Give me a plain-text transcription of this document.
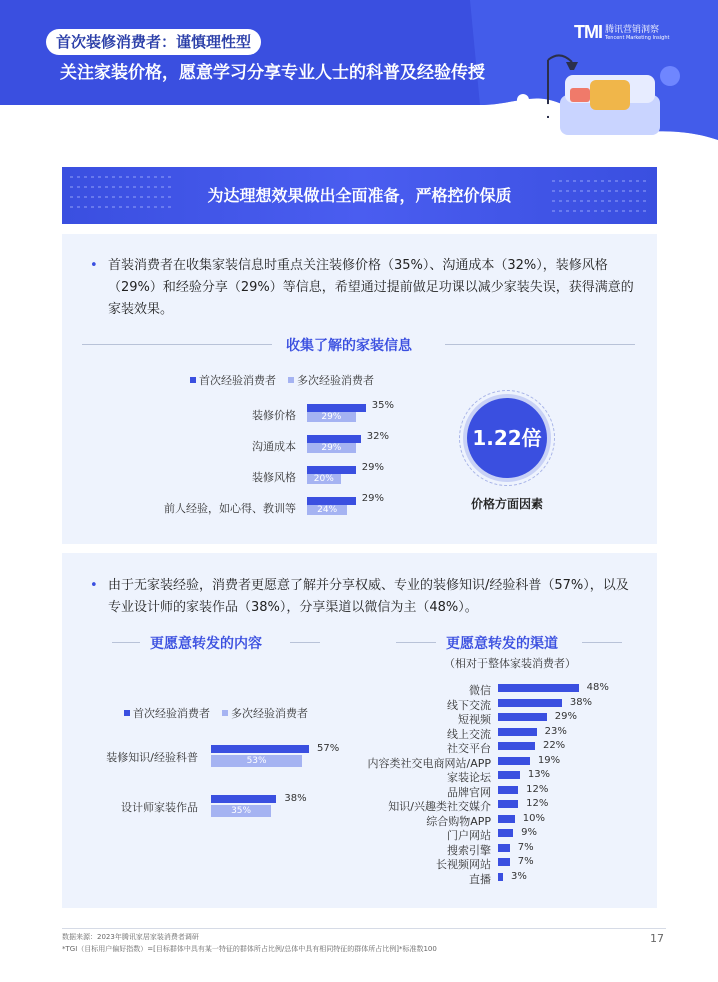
首次装修消费者：谨慎理性型
关注家装价格，愿意学习分享专业人士的科普及经验传授
TMI 腾讯营销洞察
Tencent Marketing Insight
为达理想效果做出全面准备，严格控价保质
• 首装消费者在收集家装信息时重点关注装修价格（35%）、沟通成本（32%），装修风格（29%）和经验分享（29%）等信息，希望通过提前做足功课以减少家装失误，获得满意的家装效果。
收集了解的家装信息
首次经验消费者 多次经验消费者
装修价格
35%
29%
沟通成本
32%
29%
装修风格
29%
20%
前人经验，如心得、教训等
29%
24%
1.22倍
价格方面因素
• 由于无家装经验，消费者更愿意了解并分享权威、专业的装修知识/经验科普（57%），以及专业设计师的家装作品（38%），分享渠道以微信为主（48%）。
更愿意转发的内容	更愿意转发的渠道
（相对于整体家装消费者）
首次经验消费者 多次经验消费者
装修知识/经验科普
57%
53%
设计师家装作品
38%
35%
微信	48%
线下交流	38%
短视频	29%
线上交流	23%
社交平台	22%
内容类社交电商网站/APP	19%
家装论坛	13%
品牌官网	12%
知识/兴趣类社交媒介	12%
综合购物APP	10%
门户网站	9%
搜索引擎	7%
长视频网站	7%
直播 3%
数据来源：2023年腾讯家居家装消费者调研
*TGI（目标用户偏好指数）=[目标群体中具有某一特征的群体所占比例/总体中具有相同特征的群体所占比例]*标准数100
17
